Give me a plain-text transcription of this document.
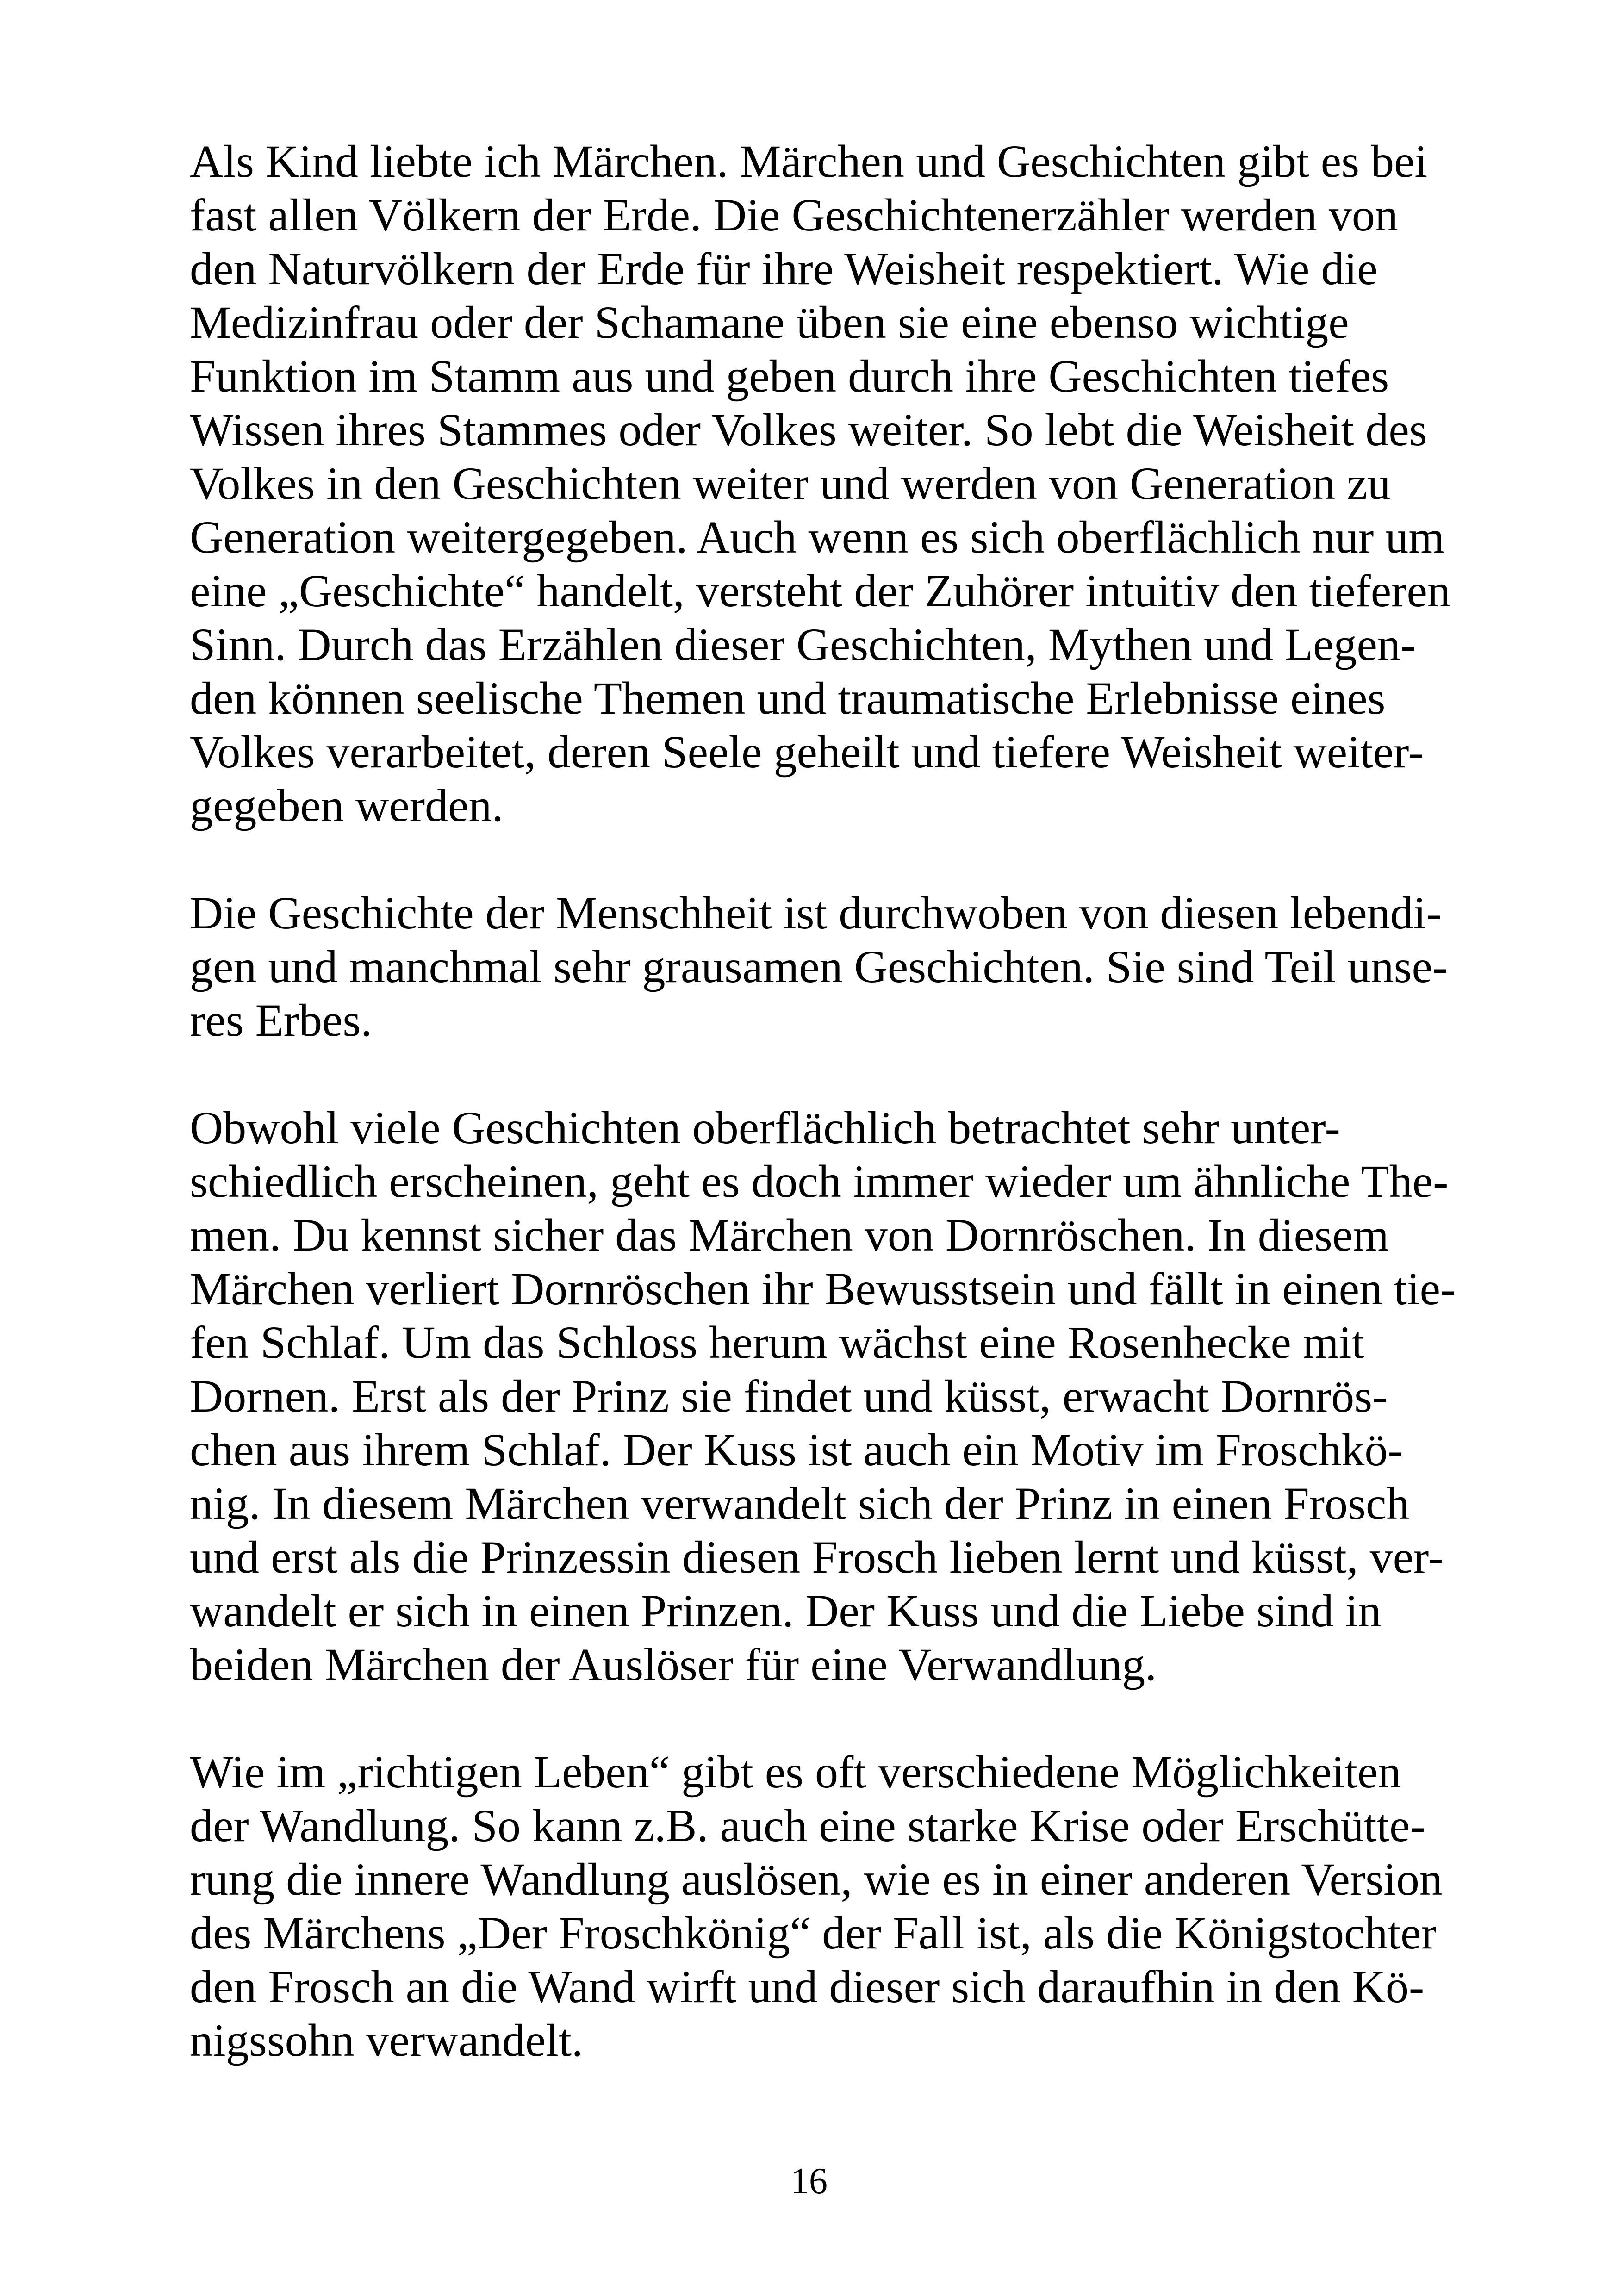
Als Kind liebte ich Märchen. Märchen und Geschichten gibt es bei
fast allen Völkern der Erde. Die Geschichtenerzähler werden von
den Naturvölkern der Erde für ihre Weisheit respektiert. Wie die
Medizinfrau oder der Schamane üben sie eine ebenso wichtige
Funktion im Stamm aus und geben durch ihre Geschichten tiefes
Wissen ihres Stammes oder Volkes weiter. So lebt die Weisheit des
Volkes in den Geschichten weiter und werden von Generation zu
Generation weitergegeben. Auch wenn es sich oberflächlich nur um
eine „Geschichte“ handelt, versteht der Zuhörer intuitiv den tieferen
Sinn. Durch das Erzählen dieser Geschichten, Mythen und Legen-
den können seelische Themen und traumatische Erlebnisse eines
Volkes verarbeitet, deren Seele geheilt und tiefere Weisheit weiter-
gegeben werden.

Die Geschichte der Menschheit ist durchwoben von diesen lebendi-
gen und manchmal sehr grausamen Geschichten. Sie sind Teil unse-
res Erbes.

Obwohl viele Geschichten oberflächlich betrachtet sehr unter-
schiedlich erscheinen, geht es doch immer wieder um ähnliche The-
men. Du kennst sicher das Märchen von Dornröschen. In diesem
Märchen verliert Dornröschen ihr Bewusstsein und fällt in einen tie-
fen Schlaf. Um das Schloss herum wächst eine Rosenhecke mit
Dornen. Erst als der Prinz sie findet und küsst, erwacht Dornrös-
chen aus ihrem Schlaf. Der Kuss ist auch ein Motiv im Froschkö-
nig. In diesem Märchen verwandelt sich der Prinz in einen Frosch
und erst als die Prinzessin diesen Frosch lieben lernt und küsst, ver-
wandelt er sich in einen Prinzen. Der Kuss und die Liebe sind in
beiden Märchen der Auslöser für eine Verwandlung.

Wie im „richtigen Leben“ gibt es oft verschiedene Möglichkeiten
der Wandlung. So kann z.B. auch eine starke Krise oder Erschütte-
rung die innere Wandlung auslösen, wie es in einer anderen Version
des Märchens „Der Froschkönig“ der Fall ist, als die Königstochter
den Frosch an die Wand wirft und dieser sich daraufhin in den Kö-
nigssohn verwandelt.

16
